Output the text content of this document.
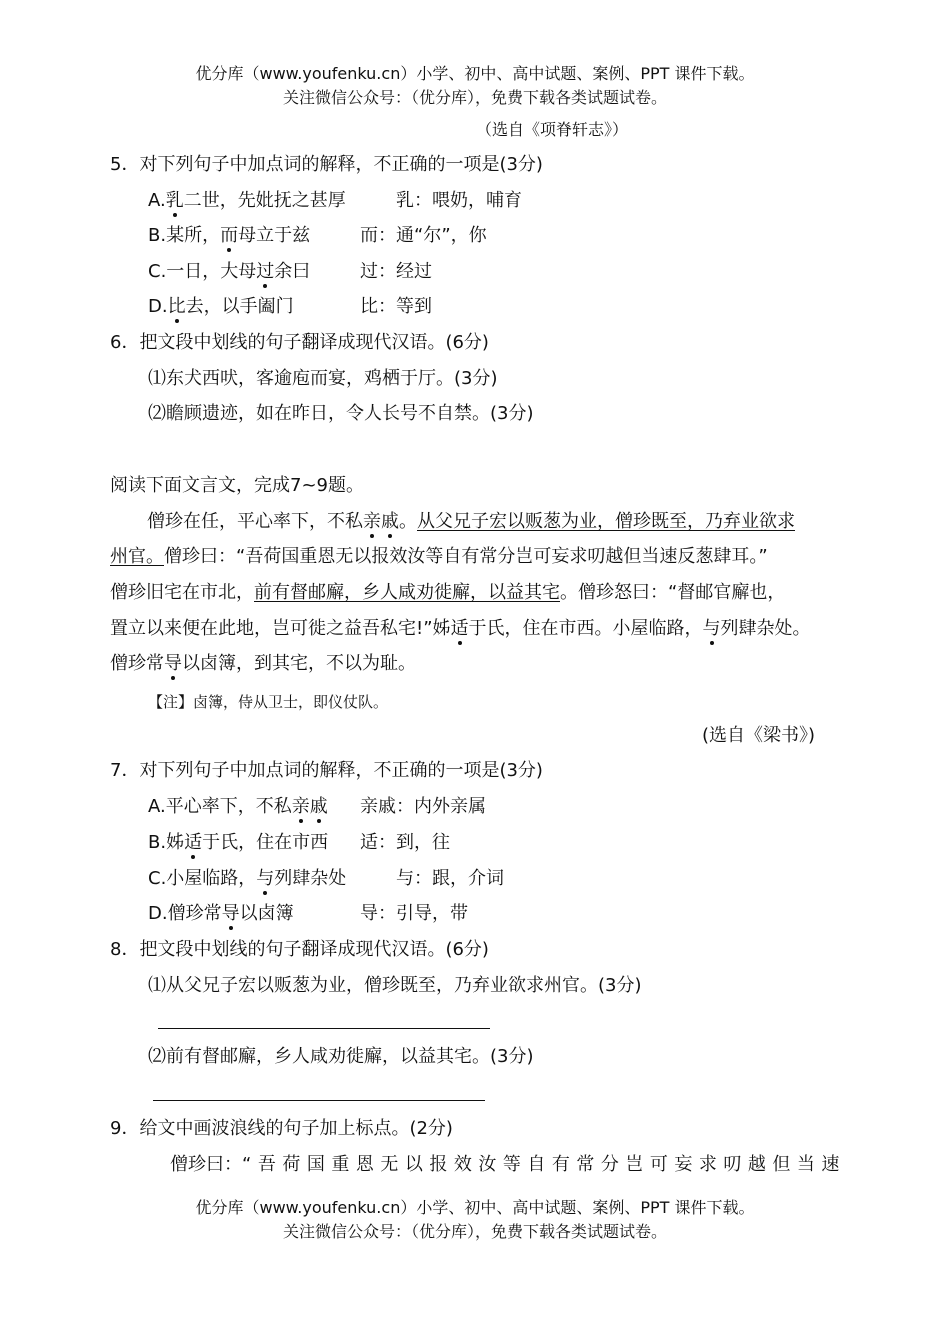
优分库（www.youfenku.cn）小学、初中、高中试题、案例、PPT 课件下载。
关注微信公众号：（优分库），免费下载各类试题试卷。
（选自《项脊轩志》）
5．对下列句子中加点词的解释，不正确的一项是(3分)
A.乳二世，先妣抚之甚厚	乳：喂奶，哺育
B.某所，而母立于兹	而：通“尔”，你
C.一日，大母过余曰	过：经过
D.比去，以手阖门	比：等到
6．把文段中划线的句子翻译成现代汉语。(6分)
⑴东犬西吠，客逾庖而宴，鸡栖于厅。(3分)
⑵瞻顾遗迹，如在昨日，令人长号不自禁。(3分)
阅读下面文言文，完成7~9题。
僧珍在任，平心率下，不私亲戚。从父兄子宏以贩葱为业，僧珍既至，乃弃业欲求
州官。僧珍曰：“吾荷国重恩无以报效汝等自有常分岂可妄求叨越但当速反葱肆耳。”
僧珍旧宅在市北，前有督邮廨，乡人咸劝徙廨，以益其宅。僧珍怒曰：“督邮官廨也，
置立以来便在此地，岂可徙之益吾私宅!”姊适于氏，住在市西。小屋临路，与列肆杂处。
僧珍常导以卤簿，到其宅，不以为耻。
【注】卤簿，侍从卫士，即仪仗队。
(选自《梁书》)
7．对下列句子中加点词的解释，不正确的一项是(3分)
A.平心率下，不私亲戚 亲戚：内外亲属
B.姊适于氏，住在市西 适：到，往
C.小屋临路，与列肆杂处	与：跟，介词
D.僧珍常导以卤簿	导：引导，带
8．把文段中划线的句子翻译成现代汉语。(6分)
⑴从父兄子宏以贩葱为业，僧珍既至，乃弃业欲求州官。(3分)
⑵前有督邮廨，乡人咸劝徙廨，以益其宅。(3分)
9．给文中画波浪线的句子加上标点。(2分)
僧珍曰：“吾荷国重恩无以报效汝等自有常分岂可妄求叨越但当速
优分库（www.youfenku.cn）小学、初中、高中试题、案例、PPT 课件下载。
关注微信公众号：（优分库），免费下载各类试题试卷。
